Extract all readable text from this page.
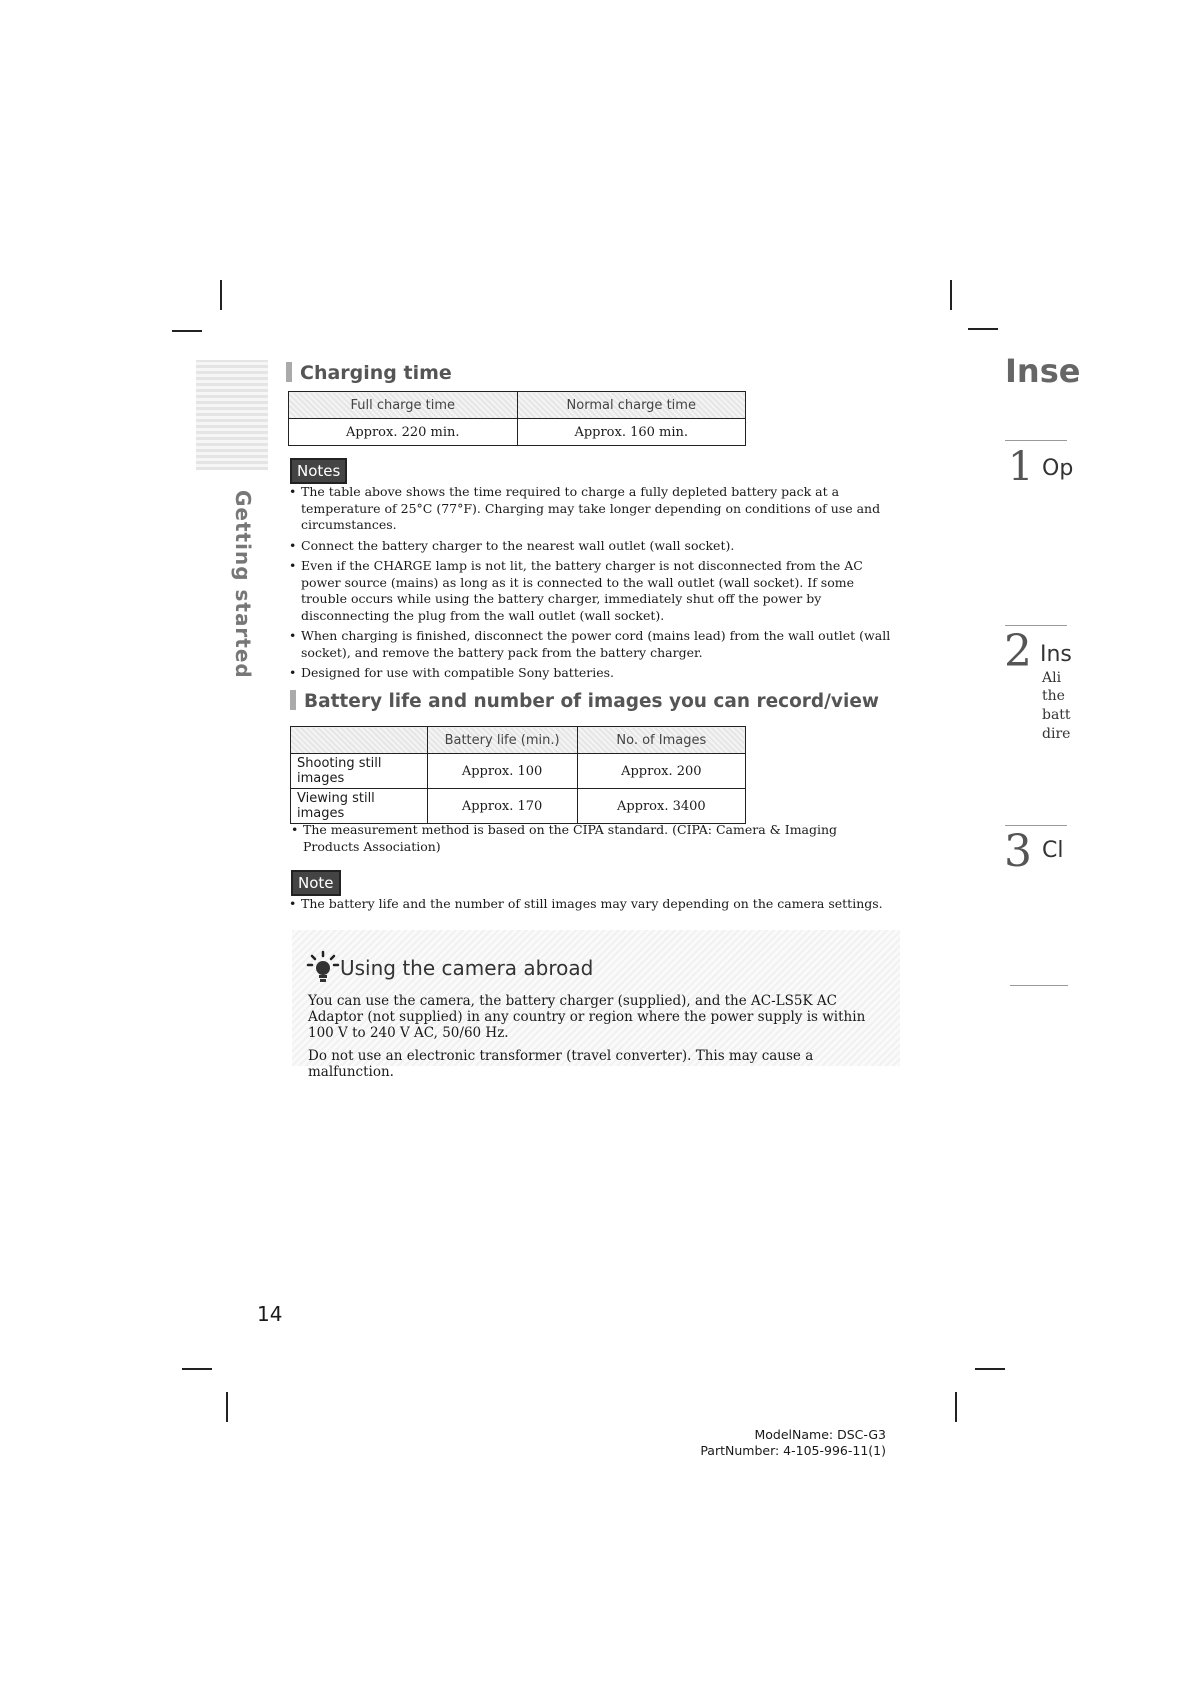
Getting started
Charging time
Full charge time	Normal charge time
Approx. 220 min.	Approx. 160 min.
Notes
• The table above shows the time required to charge a fully depleted battery pack at a temperature of 25°C (77°F). Charging may take longer depending on conditions of use and circumstances.
• Connect the battery charger to the nearest wall outlet (wall socket).
• Even if the CHARGE lamp is not lit, the battery charger is not disconnected from the AC power source (mains) as long as it is connected to the wall outlet (wall socket). If some trouble occurs while using the battery charger, immediately shut off the power by disconnecting the plug from the wall outlet (wall socket).
• When charging is finished, disconnect the power cord (mains lead) from the wall outlet (wall socket), and remove the battery pack from the battery charger.
• Designed for use with compatible Sony batteries.
Battery life and number of images you can record/view
	Battery life (min.)	No. of Images
Shooting still images	Approx. 100	Approx. 200
Viewing still images	Approx. 170	Approx. 3400
• The measurement method is based on the CIPA standard. (CIPA: Camera & Imaging Products Association)
Note
• The battery life and the number of still images may vary depending on the camera settings.
Using the camera abroad

You can use the camera, the battery charger (supplied), and the AC-LS5K AC Adaptor (not supplied) in any country or region where the power supply is within 100 V to 240 V AC, 50/60 Hz.

Do not use an electronic transformer (travel converter). This may cause a malfunction.

14
ModelName: DSC-G3
PartNumber: 4-105-996-11(1)
Inse
1 Op
2 Ins
Ali
the
batt
dire
3 Cl
